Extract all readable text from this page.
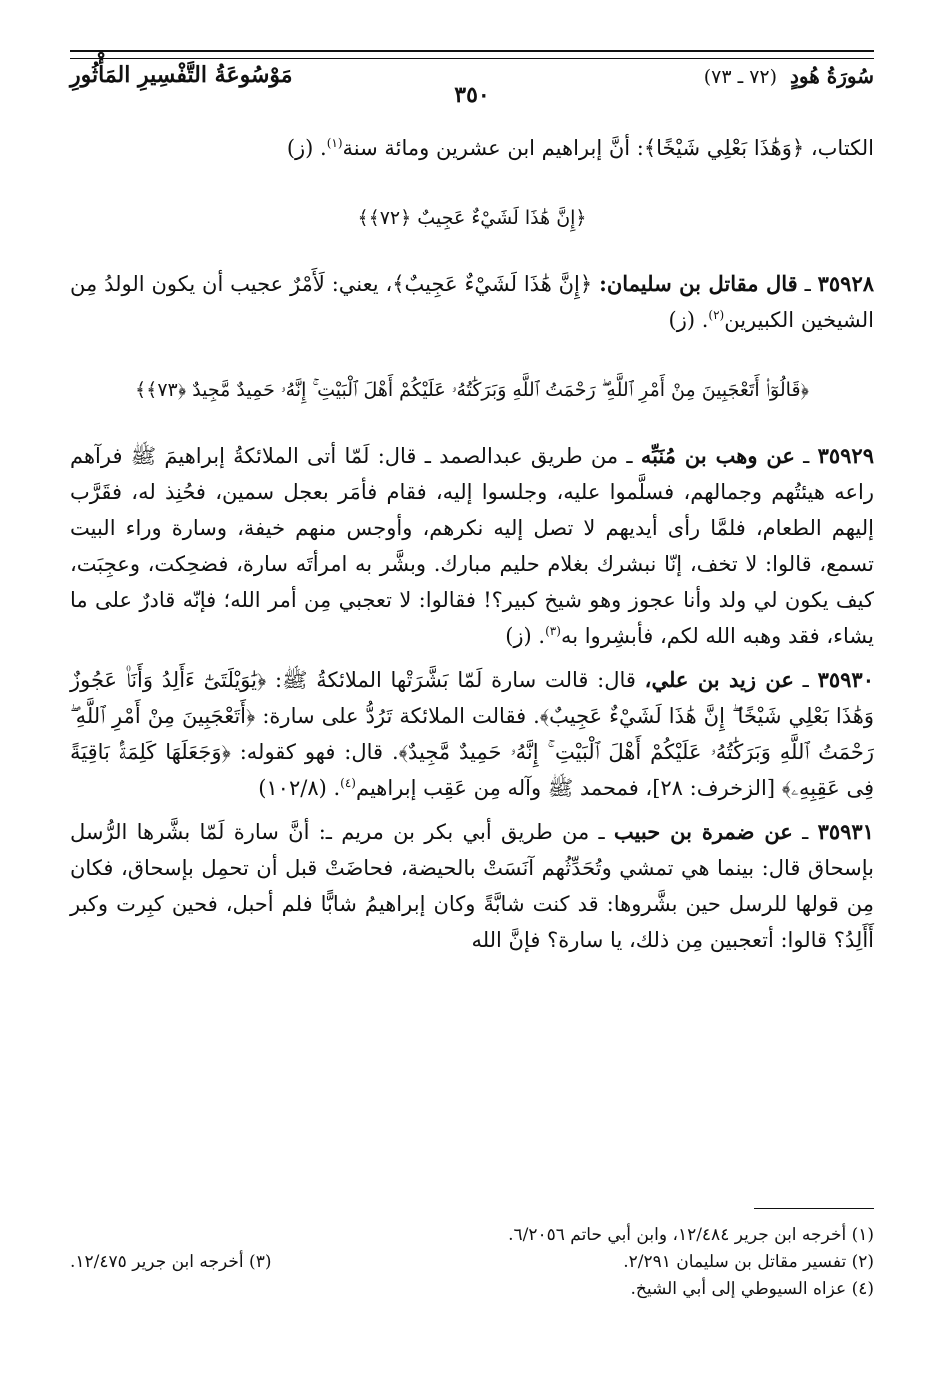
سُورَةُ هُودٍ (٧٢ ـ ٧٣)
٣٥٠
مَوْسُوعَةُ التَّفْسِيرِ المَأْثُورِ

الكتاب، ﴿وَهَٰذَا بَعْلِي شَيْخًا﴾: أنَّ إبراهيم ابن عشرين ومائة سنة$^{(١)}$. (ز)

﴿إِنَّ هَٰذَا لَشَيْءٌ عَجِيبٌ ﴿٧٢﴾﴾

٣٥٩٢٨ ـ قال مقاتل بن سليمان: ﴿إِنَّ هَٰذَا لَشَيْءٌ عَجِيبٌ﴾، يعني: لَأَمْرٌ عجيب أن يكون الولدُ مِن الشيخين الكبيرين$^{(٢)}$. (ز)

﴿قَالُوٓا۟ أَتَعْجَبِينَ مِنْ أَمْرِ ٱللَّهِ ۖ رَحْمَتُ ٱللَّهِ وَبَرَكَٰتُهُۥ عَلَيْكُمْ أَهْلَ ٱلْبَيْتِ ۚ إِنَّهُۥ حَمِيدٌ مَّجِيدٌ ﴿٧٣﴾﴾

٣٥٩٢٩ ـ عن وهب بن مُنَبِّه ـ من طريق عبدالصمد ـ قال: لَمّا أتى الملائكةُ إبراهيمَ ﷺ فرآهم راعه هيئتُهم وجمالهم، فسلَّموا عليه، وجلسوا إليه، فقام فأمَر بعجل سمين، فحُنِذ له، فقَرَّب إليهم الطعام، فلمَّا رأى أيديهم لا تصل إليه نكرهم، وأوجس منهم خيفة، وسارة وراء البيت تسمع، قالوا: لا تخف، إنّا نبشرك بغلام حليم مبارك. وبشَّر به امرأتَه سارة، فضحِكت، وعجِبَت، كيف يكون لي ولد وأنا عجوز وهو شيخ كبير؟! فقالوا: لا تعجبي مِن أمر الله؛ فإنّه قادرٌ على ما يشاء، فقد وهبه الله لكم، فأبشِروا به$^{(٣)}$. (ز)

٣٥٩٣٠ ـ عن زيد بن علي، قال: قالت سارة لَمّا بَشَّرَتْها الملائكةُ ﷺ: ﴿يَٰوَيْلَتَىٰٓ ءَأَلِدُ وَأَنَا۠ عَجُوزٌ وَهَٰذَا بَعْلِي شَيْخًا ۖ إِنَّ هَٰذَا لَشَيْءٌ عَجِيبٌ﴾. فقالت الملائكة تَرُدُّ على سارة: ﴿أَتَعْجَبِينَ مِنْ أَمْرِ ٱللَّهِ ۖ رَحْمَتُ ٱللَّهِ وَبَرَكَٰتُهُۥ عَلَيْكُمْ أَهْلَ ٱلْبَيْتِ ۚ إِنَّهُۥ حَمِيدٌ مَّجِيدٌ﴾. قال: فهو كقوله: ﴿وَجَعَلَهَا كَلِمَةًۢ بَاقِيَةً فِى عَقِبِهِۦ﴾ [الزخرف: ٢٨]، فمحمد ﷺ وآله مِن عَقِب إبراهيم$^{(٤)}$. (١٠٢/٨)

٣٥٩٣١ ـ عن ضمرة بن حبيب ـ من طريق أبي بكر بن مريم ـ: أنَّ سارة لَمّا بشَّرها الرُّسل بإسحاق قال: بينما هي تمشي وتُحَدِّثُهم آنَسَتْ بالحيضة، فحاضَتْ قبل أن تحمِل بإسحاق، فكان مِن قولها للرسل حين بشَّروها: قد كنت شابَّةً وكان إبراهيمُ شابًّا فلم أحبل، فحين كبِرت وكبر أَأَلِدُ؟ قالوا: أتعجبين مِن ذلك، يا سارة؟ فإنَّ الله

(١) أخرجه ابن جرير ١٢/٤٨٤، وابن أبي حاتم ٦/٢٠٥٦.
(٢) تفسير مقاتل بن سليمان ٢/٢٩١.
(٣) أخرجه ابن جرير ١٢/٤٧٥.
(٤) عزاه السيوطي إلى أبي الشيخ.
